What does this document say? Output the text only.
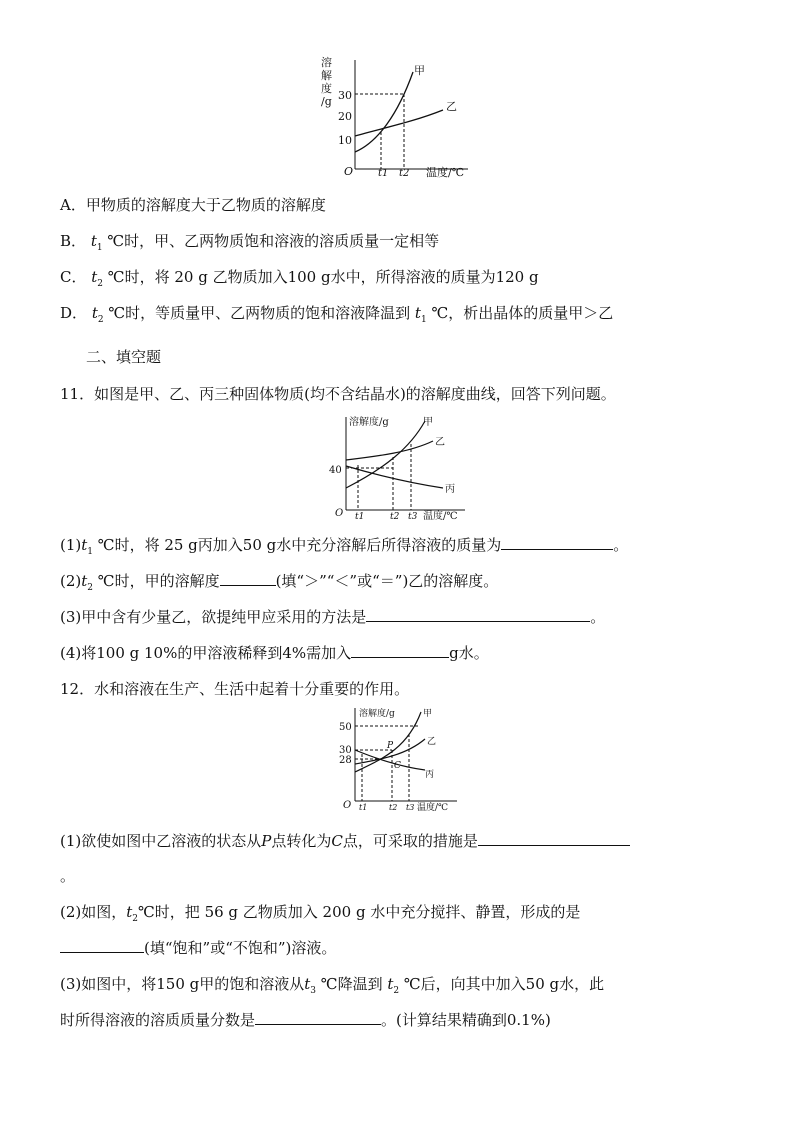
溶
解
度
/g 30
20
10
O t1 t2 温度/℃
甲
乙
A．甲物质的溶解度大于乙物质的溶解度
B． $t_1$ ℃时，甲、乙两物质饱和溶液的溶质质量一定相等
C． $t_2$ ℃时，将 20 g 乙物质加入100 g水中，所得溶液的质量为120 g
D． $t_2$ ℃时，等质量甲、乙两物质的饱和溶液降温到 $t_1$ ℃，析出晶体的质量甲＞乙
二、填空题
11．如图是甲、乙、丙三种固体物质(均不含结晶水)的溶解度曲线，回答下列问题。
溶解度/g
40
O t1	t2 t3 温度/℃
甲
乙
丙
$(1)t_1$ ℃时，将 25 g丙加入50 g水中充分溶解后所得溶液的质量为	。
$(2)t_2$ ℃时，甲的溶解度	(填“＞”“＜”或“＝”)乙的溶解度。
(3)甲中含有少量乙，欲提纯甲应采用的方法是	。
(4)将100 g 10%的甲溶液稀释到4%需加入	g水。
12．水和溶液在生产、生活中起着十分重要的作用。
溶解度/g
50
30
28
P
C
O t1	t2 t3 温度/℃
甲
乙
丙
(1)欲使如图中乙溶液的状态从P点转化为C点，可采取的措施是
。
(2)如图，$t_2℃$时，把 56 g 乙物质加入 200 g 水中充分搅拌、静置，形成的是
(填“饱和”或“不饱和”)溶液。
(3)如图中，将150 g甲的饱和溶液从$t_3$ ℃降温到 $t_2$ ℃后，向其中加入50 g水，此
时所得溶液的溶质质量分数是	。(计算结果精确到0.1%)
